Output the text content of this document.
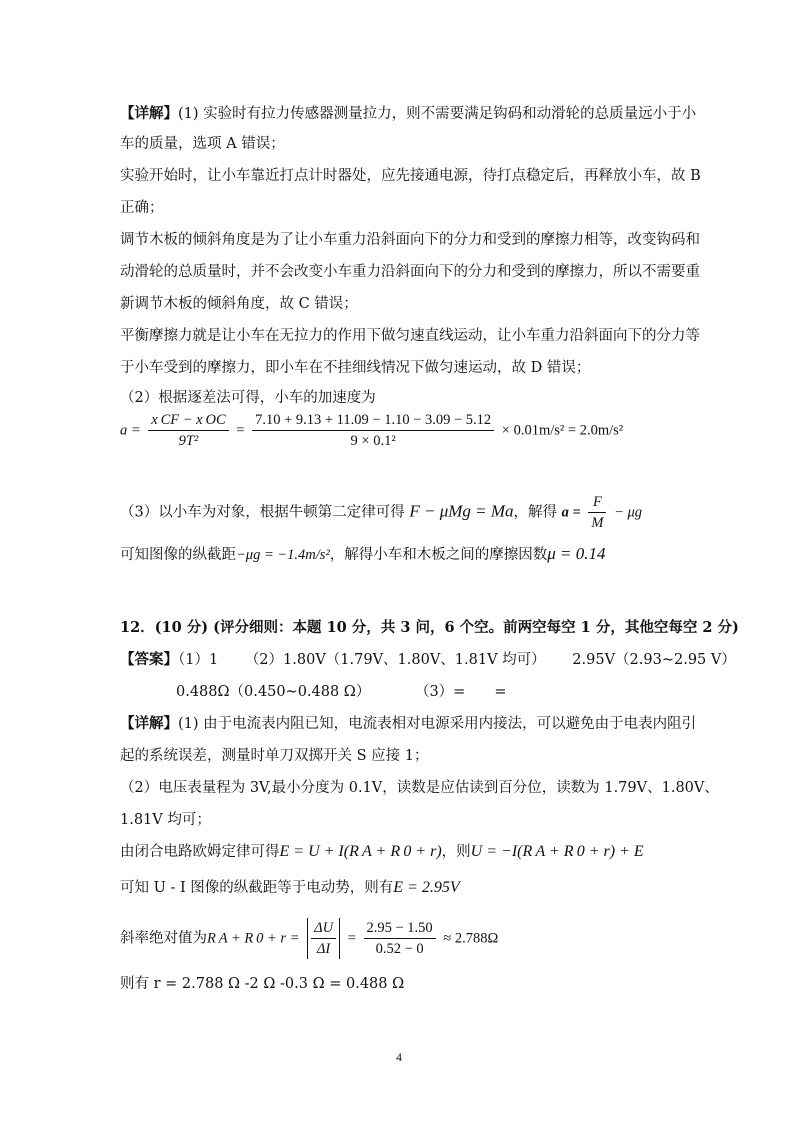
【详解】(1) 实验时有拉力传感器测量拉力，则不需要满足钩码和动滑轮的总质量远小于小
车的质量，选项 A 错误；
实验开始时，让小车靠近打点计时器处，应先接通电源，待打点稳定后，再释放小车，故 B
正确；
调节木板的倾斜角度是为了让小车重力沿斜面向下的分力和受到的摩擦力相等，改变钩码和
动滑轮的总质量时，并不会改变小车重力沿斜面向下的分力和受到的摩擦力，所以不需要重
新调节木板的倾斜角度，故 C 错误；
平衡摩擦力就是让小车在无拉力的作用下做匀速直线运动，让小车重力沿斜面向下的分力等
于小车受到的摩擦力，即小车在不挂细线情况下做匀速运动，故 D 错误；
（2）根据逐差法可得，小车的加速度为
$a = \frac{\text{x CF − x OC}}{\text{9T²}} = \frac{7.10 + 9.13 + 11.09 - 1.10 - 3.09 - 5.12}{\text{9 × 0.1²}} \times 0.01m/s^2 = 2.0m/s^2$
（3）以小车为对象，根据牛顿第二定律可得 F − μMg = Ma，解得 $a = \frac{F}{M} - \mu g$
可知图像的纵截距−μg = −1.4m/s²，解得小车和木板之间的摩擦因数μ = 0.14
12．(10 分) (评分细则：本题 10 分，共 3 问，6 个空。前两空每空 1 分，其他空每空 2 分)
【答案】（1）1 （2）1.80V（1.79V、1.80V、1.81V 均可） 2.95V（2.93~2.95 V）
0.488Ω（0.450~0.488 Ω）	（3）=　　=
【详解】(1) 由于电流表内阻已知，电流表相对电源采用内接法，可以避免由于电表内阻引
起的系统误差，测量时单刀双掷开关 S 应接 1；
（2）电压表量程为 3V,最小分度为 0.1V，读数是应估读到百分位，读数为 1.79V、1.80V、
1.81V 均可；
由闭合电路欧姆定律可得E = U + I(R A + R 0 + r)，则U = −I(R A + R 0 + r) + E
可知 U - I 图像的纵截距等于电动势，则有E = 2.95V
斜率绝对值为R A + R $0 + r = \frac{\Delta U}{\Delta I} = \frac{2.95 - 1.50}{0.52 - 0} \approx 2.788\Omega$
则有 r = 2.788 Ω -2 Ω -0.3 Ω = 0.488 Ω
4
